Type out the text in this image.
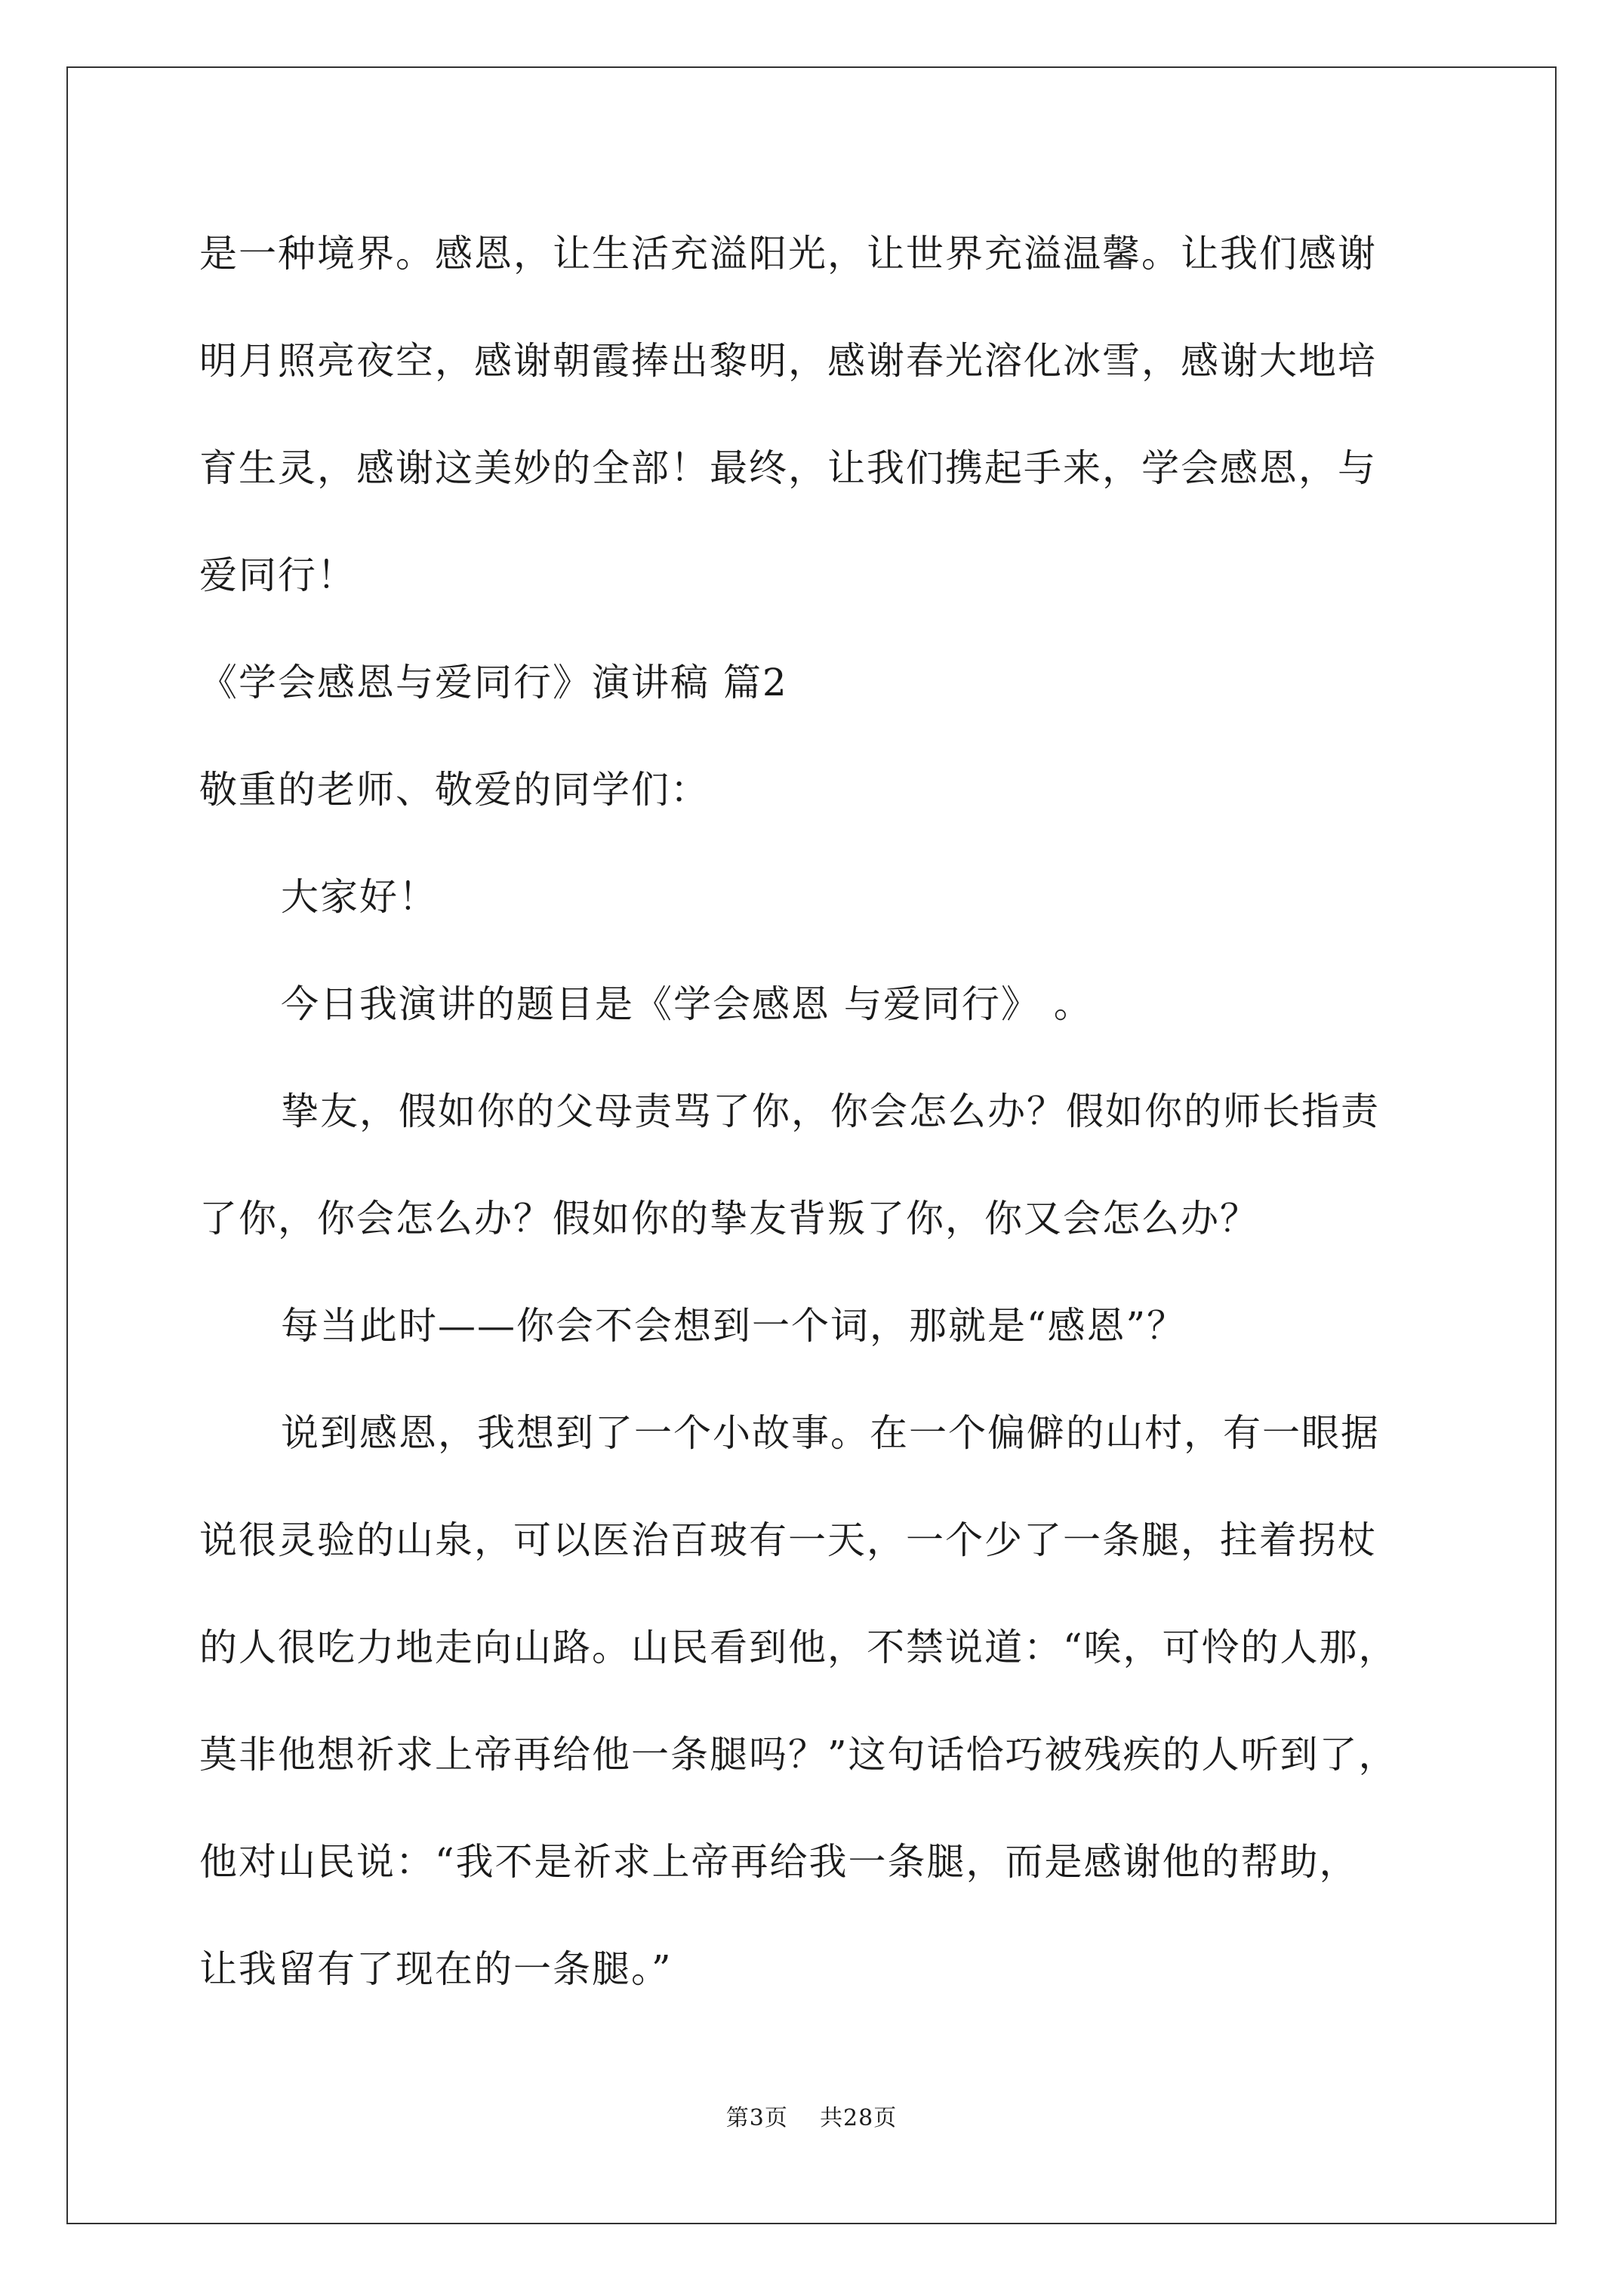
是一种境界。感恩，让生活充溢阳光，让世界充溢温馨。让我们感谢
明月照亮夜空，感谢朝霞捧出黎明，感谢春光溶化冰雪，感谢大地培
育生灵，感谢这美妙的全部！最终，让我们携起手来，学会感恩，与
爱同行！
《学会感恩与爱同行》演讲稿 篇2
敬重的老师、敬爱的同学们：
大家好！
今日我演讲的题目是《学会感恩 与爱同行》 。
挚友，假如你的父母责骂了你，你会怎么办？假如你的师长指责
了你，你会怎么办？假如你的挚友背叛了你，你又会怎么办？
每当此时——你会不会想到一个词，那就是“感恩”？
说到感恩，我想到了一个小故事。在一个偏僻的山村，有一眼据
说很灵验的山泉，可以医治百玻有一天，一个少了一条腿，拄着拐杖
的人很吃力地走向山路。山民看到他，不禁说道：“唉，可怜的人那，
莫非他想祈求上帝再给他一条腿吗？”这句话恰巧被残疾的人听到了，
他对山民说：“我不是祈求上帝再给我一条腿，而是感谢他的帮助，
让我留有了现在的一条腿。”
第3页 共28页
